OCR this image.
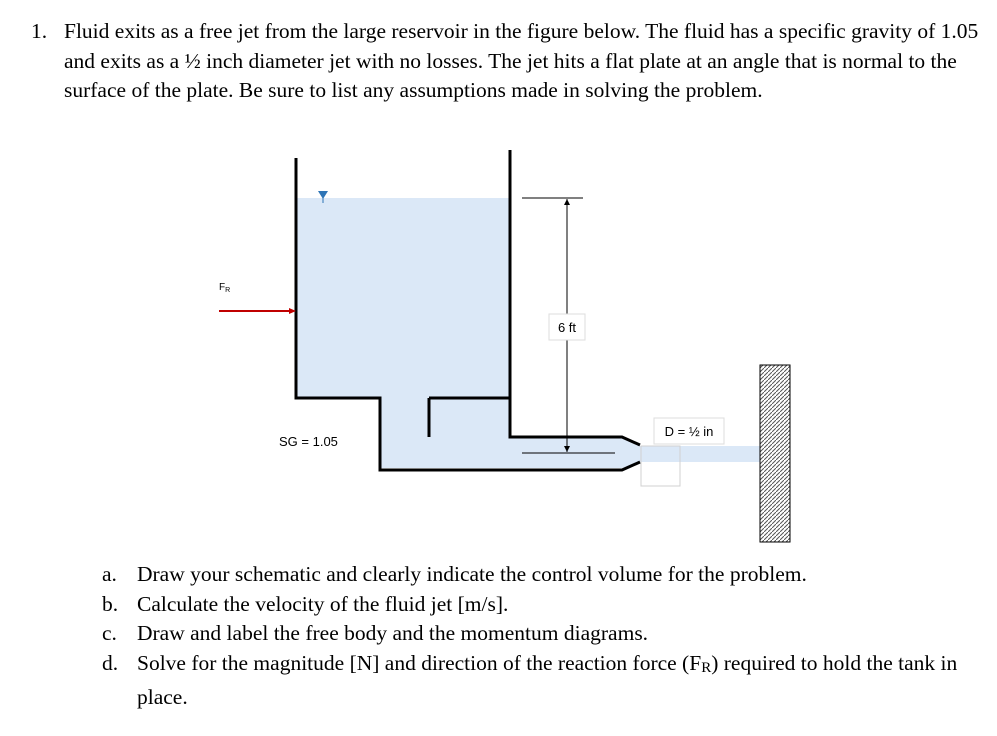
1. Fluid exits as a free jet from the large reservoir in the figure below. The fluid has a specific gravity of 1.05 and exits as a ½ inch diameter jet with no losses. The jet hits a flat plate at an angle that is normal to the surface of the plate. Be sure to list any assumptions made in solving the problem.
6 ft
D = ½ in
SG = 1.05
$F_R$
a. Draw your schematic and clearly indicate the control volume for the problem.
b. Calculate the velocity of the fluid jet [m/s].
c. Draw and label the free body and the momentum diagrams.
d. Solve for the magnitude [N] and direction of the reaction force (FR) required to hold the tank in place.
